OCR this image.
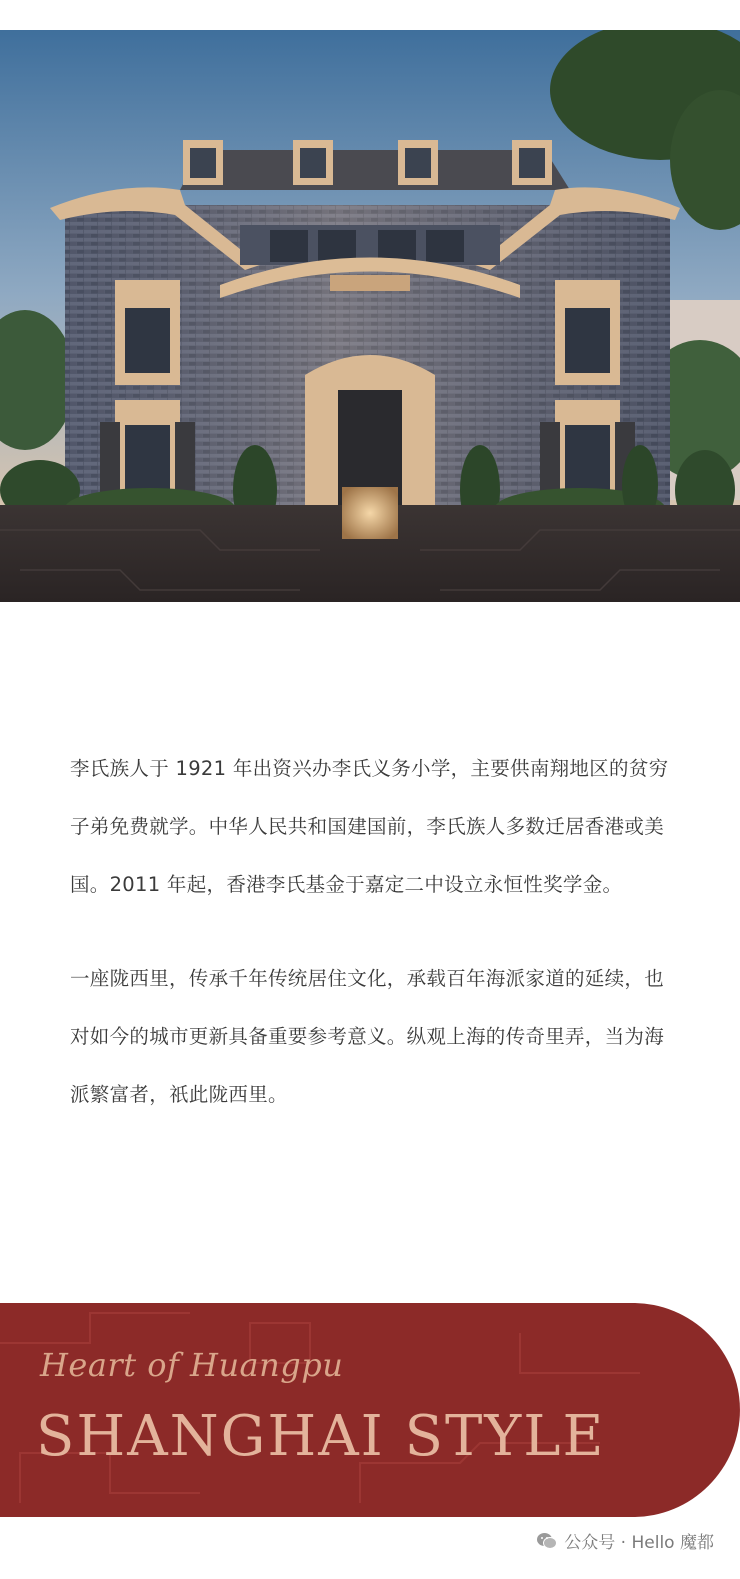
李氏族人于 1921 年出资兴办李氏义务小学，主要供南翔地区的贫穷子弟免费就学。中华人民共和国建国前，李氏族人多数迁居香港或美国。2011 年起，香港李氏基金于嘉定二中设立永恒性奖学金。

一座陇西里，传承千年传统居住文化，承载百年海派家道的延续，也对如今的城市更新具备重要参考意义。纵观上海的传奇里弄，当为海派繁富者，祇此陇西里。

Heart of Huangpu
SHANGHAI STYLE
公众号 · Hello 魔都
